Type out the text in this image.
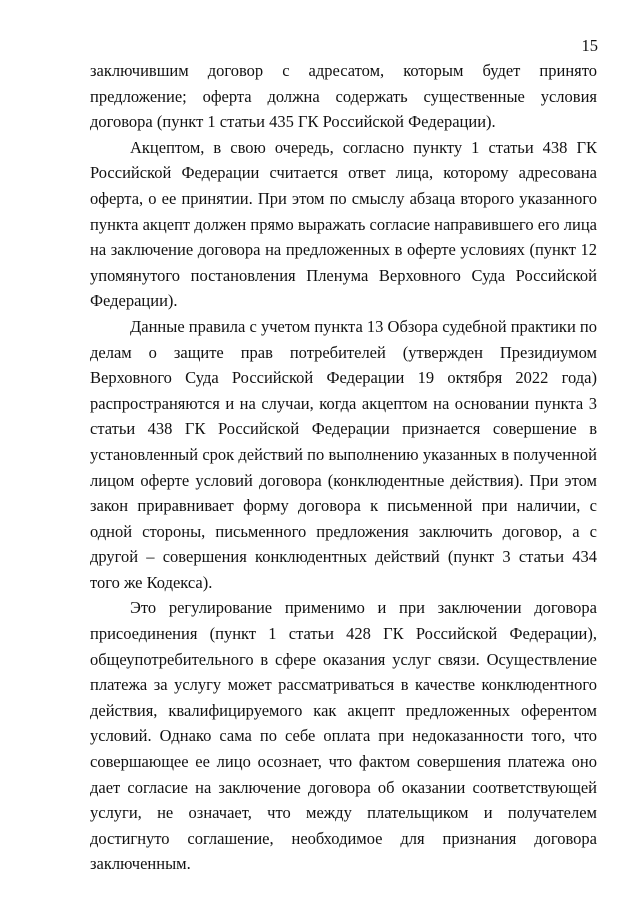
15

заключившим договор с адресатом, которым будет принято предложение; оферта должна содержать существенные условия договора (пункт 1 статьи 435 ГК Российской Федерации).

Акцептом, в свою очередь, согласно пункту 1 статьи 438 ГК Российской Федерации считается ответ лица, которому адресована оферта, о ее принятии. При этом по смыслу абзаца второго указанного пункта акцепт должен прямо выражать согласие направившего его лица на заключение договора на предложенных в оферте условиях (пункт 12 упомянутого постановления Пленума Верховного Суда Российской Федерации).

Данные правила с учетом пункта 13 Обзора судебной практики по делам о защите прав потребителей (утвержден Президиумом Верховного Суда Российской Федерации 19 октября 2022 года) распространяются и на случаи, когда акцептом на основании пункта 3 статьи 438 ГК Российской Федерации признается совершение в установленный срок действий по выполнению указанных в полученной лицом оферте условий договора (конклюдентные действия). При этом закон приравнивает форму договора к письменной при наличии, с одной стороны, письменного предложения заключить договор, а с другой – совершения конклюдентных действий (пункт 3 статьи 434 того же Кодекса).

Это регулирование применимо и при заключении договора присоединения (пункт 1 статьи 428 ГК Российской Федерации), общеупотребительного в сфере оказания услуг связи. Осуществление платежа за услугу может рассматриваться в качестве конклюдентного действия, квалифицируемого как акцепт предложенных оферентом условий. Однако сама по себе оплата при недоказанности того, что совершающее ее лицо осознает, что фактом совершения платежа оно дает согласие на заключение договора об оказании соответствующей услуги, не означает, что между плательщиком и получателем достигнуто соглашение, необходимое для признания договора заключенным.
